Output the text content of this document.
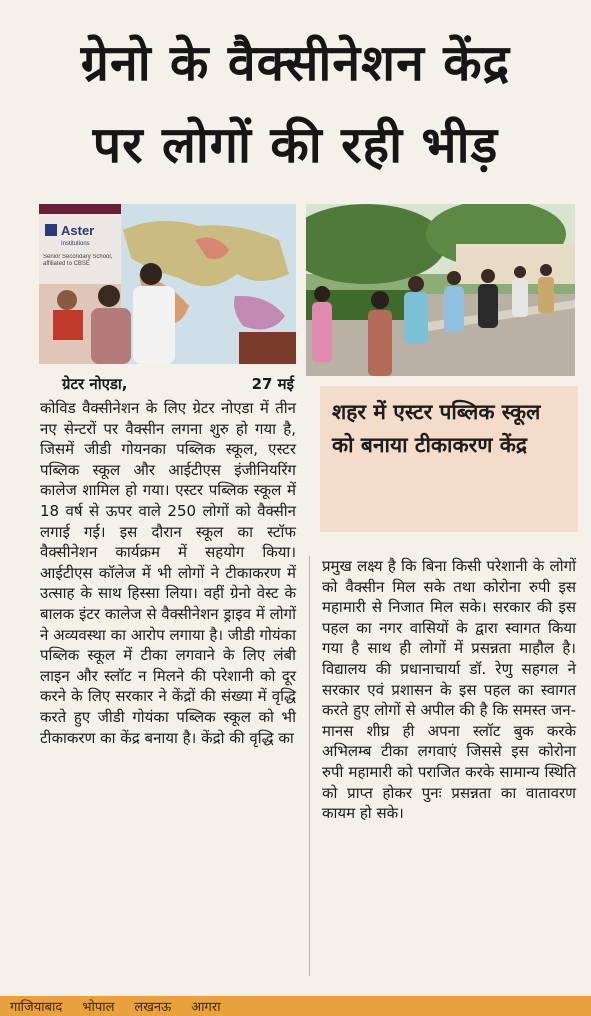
ग्रेनो के वैक्सीनेशन केंद्र
पर लोगों की रही भीड़
Aster
Institutions
Senior Secondary School, affiliated to CBSE
शहर में एस्टर पब्लिक स्कूल को बनाया टीकाकरण केंद्र
ग्रेटर नोएडा,	27 मई
कोविड वैक्सीनेशन के लिए ग्रेटर नोएडा में तीन नए सेन्टरों पर वैक्सीन लगना शुरु हो गया है, जिसमें जीडी गोयनका पब्लिक स्कूल, एस्टर पब्लिक स्कूल और आईटीएस इंजीनियरिंग कालेज शामिल हो गया। एस्टर पब्लिक स्कूल में 18 वर्ष से ऊपर वाले 250 लोगों को वैक्सीन लगाई गई। इस दौरान स्कूल का स्टॉफ वैक्सीनेशन कार्यक्रम में सहयोग किया। आईटीएस कॉलेज में भी लोगों ने टीकाकरण में उत्साह के साथ हिस्सा लिया। वहीं ग्रेनो वेस्ट के बालक इंटर कालेज से वैक्सीनेशन ड्राइव में लोगों ने अव्यवस्था का आरोप लगाया है। जीडी गोयंका पब्लिक स्कूल में टीका लगवाने के लिए लंबी लाइन और स्लॉट न मिलने की परेशानी को दूर करने के लिए सरकार ने केंद्रों की संख्या में वृद्धि करते हुए जीडी गोयंका पब्लिक स्कूल को भी टीकाकरण का केंद्र बनाया है। केंद्रो की वृद्धि का
प्रमुख लक्ष्य है कि बिना किसी परेशानी के लोगों को वैक्सीन मिल सके तथा कोरोना रुपी इस महामारी से निजात मिल सके। सरकार की इस पहल का नगर वासियों के द्वारा स्वागत किया गया है साथ ही लोगों में प्रसन्नता माहौल है। विद्यालय की प्रधानाचार्या डॉ. रेणु सहगल ने सरकार एवं प्रशासन के इस पहल का स्वागत करते हुए लोगों से अपील की है कि समस्त जन-मानस शीघ्र ही अपना स्लॉट बुक करके अभिलम्ब टीका लगवाएं जिससे इस कोरोना रुपी महामारी को पराजित करके सामान्य स्थिति को प्राप्त होकर पुनः प्रसन्नता का वातावरण कायम हो सके।
गाजियाबाद भोपाल लखनऊ आगरा
